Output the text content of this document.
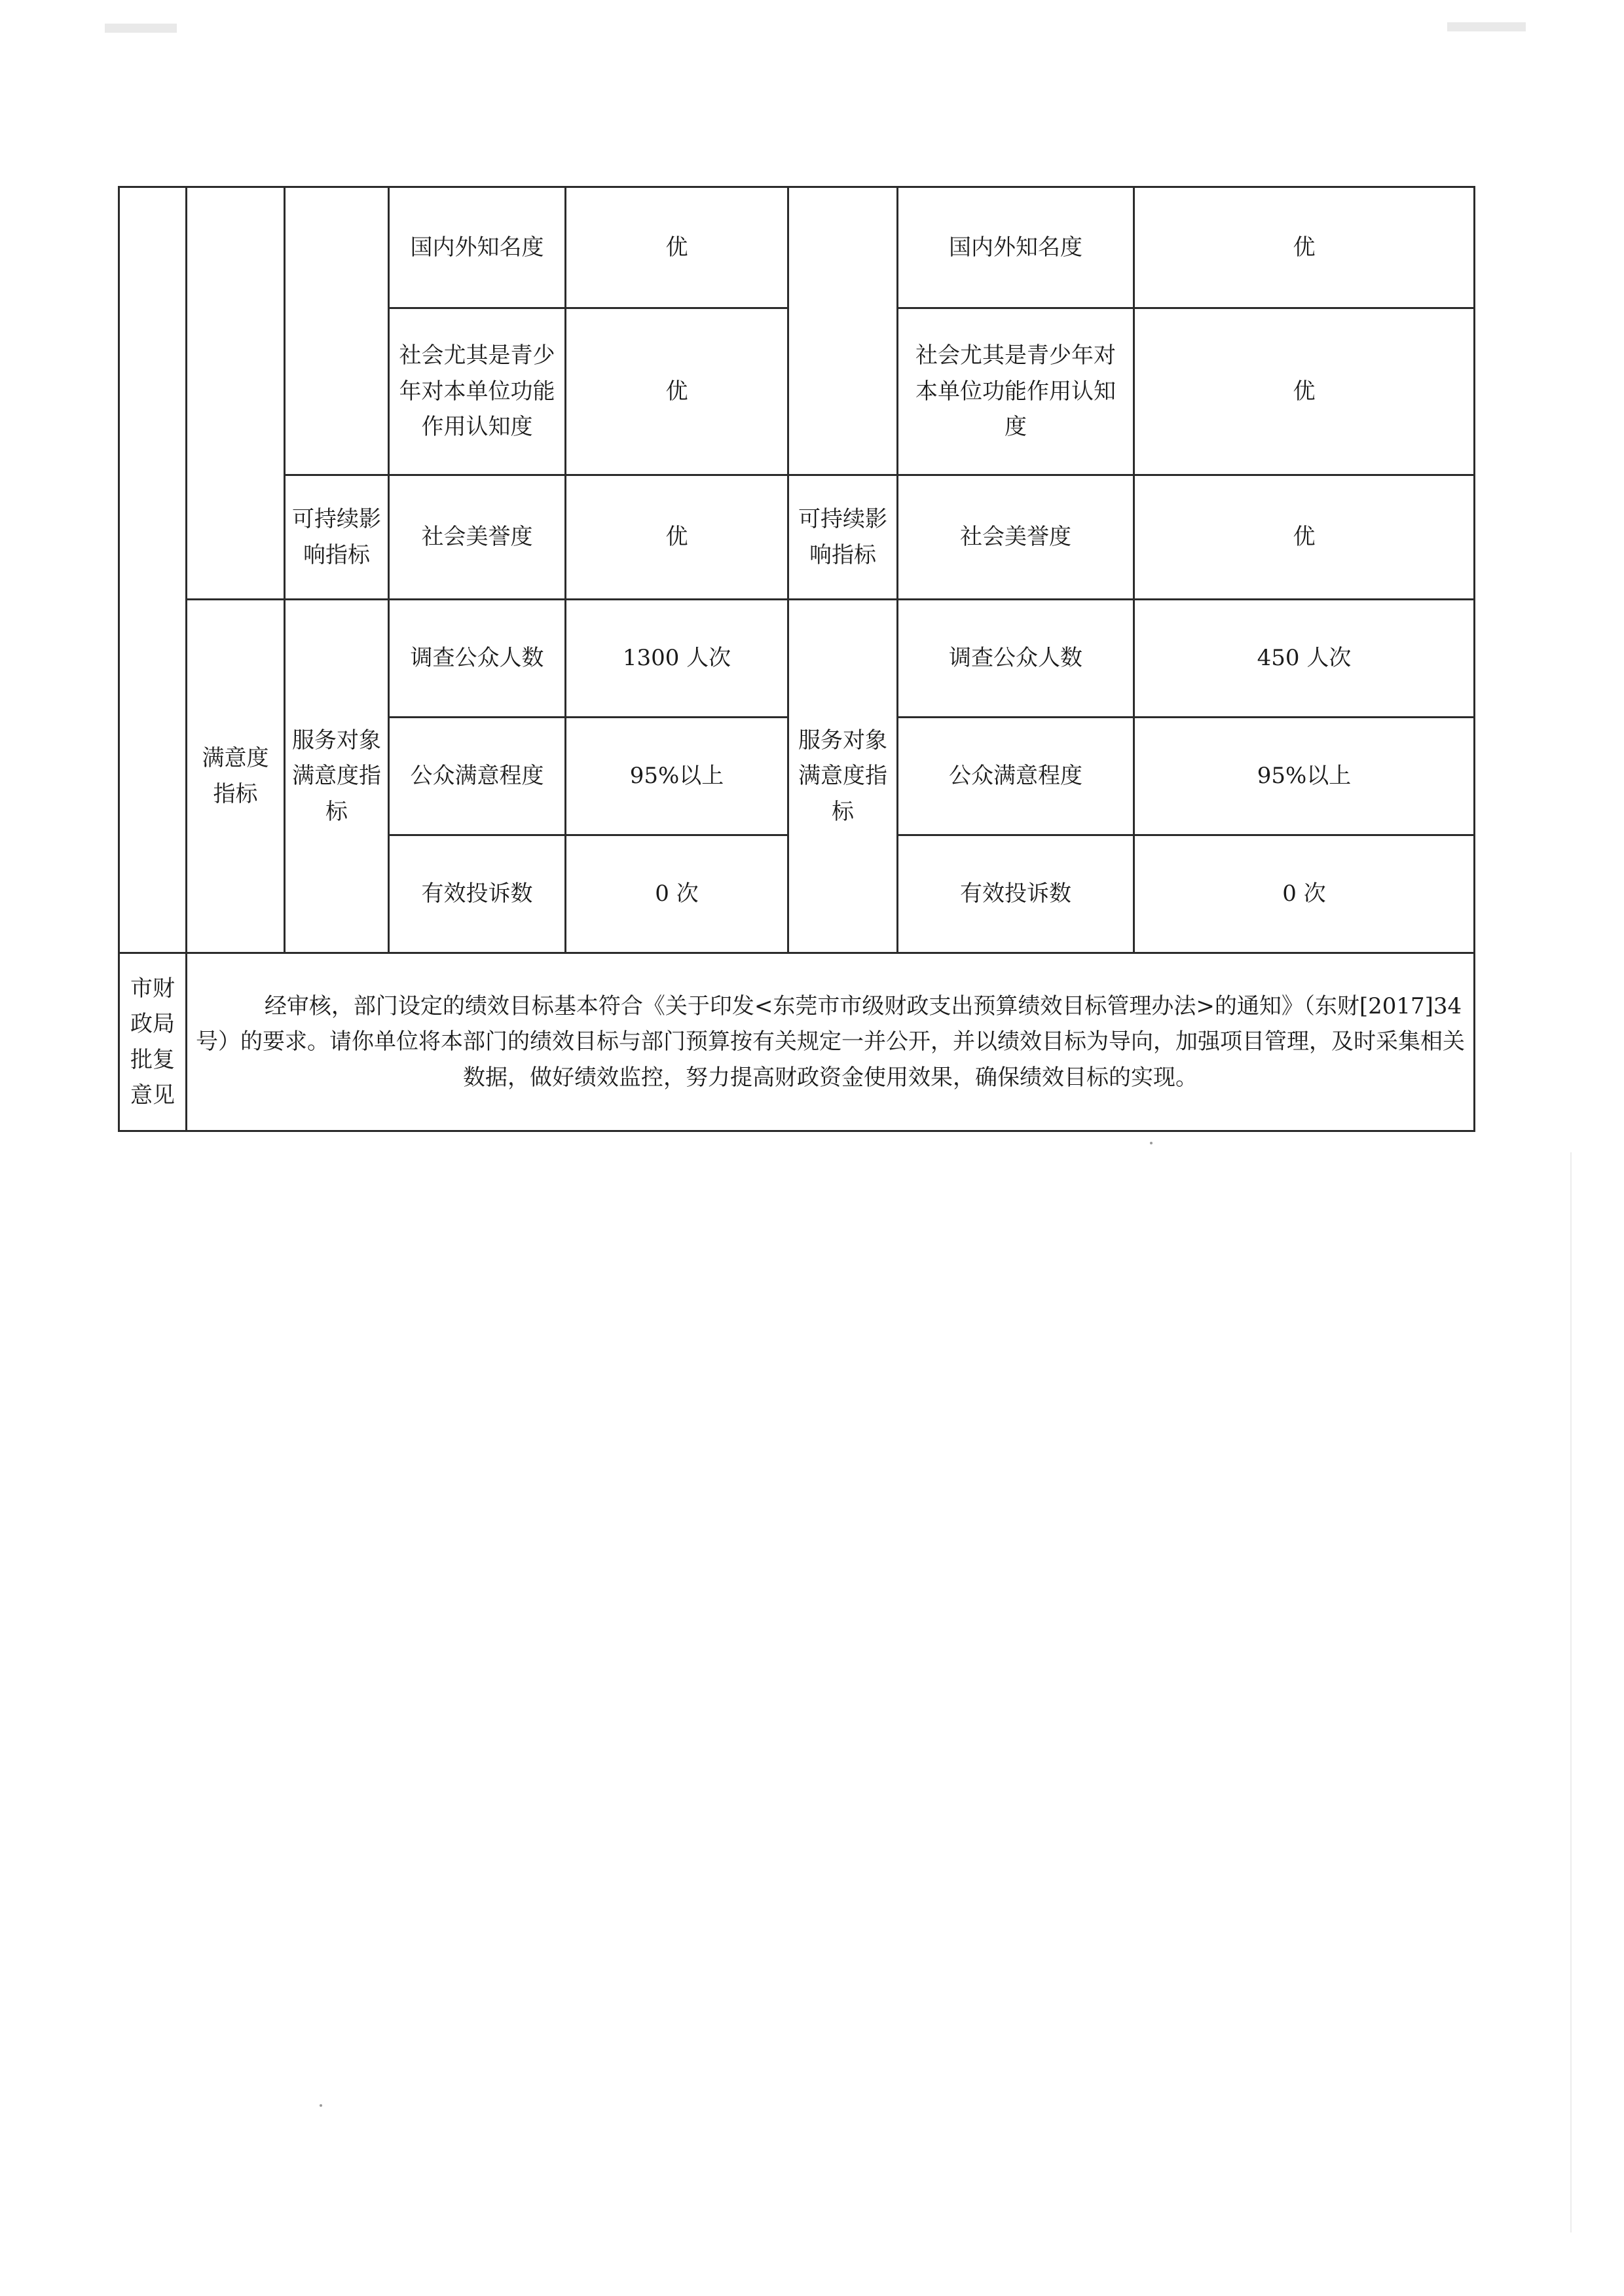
			国内外知名度	优		国内外知名度	优
			社会尤其是青少年对本单位功能作用认知度	优		社会尤其是青少年对本单位功能作用认知度	优
		可持续影响指标	社会美誉度	优	可持续影响指标	社会美誉度	优
	满意度指标	服务对象满意度指标	调查公众人数	1300 人次	服务对象满意度指标	调查公众人数	450 人次
			公众满意程度	95%以上		公众满意程度	95%以上
			有效投诉数	0 次		有效投诉数	0 次
市财政局批复意见	经审核，部门设定的绩效目标基本符合《关于印发<东莞市市级财政支出预算绩效目标管理办法>的通知》（东财[2017]34 号）的要求。请你单位将本部门的绩效目标与部门预算按有关规定一并公开，并以绩效目标为导向，加强项目管理，及时采集相关数据，做好绩效监控，努力提高财政资金使用效果，确保绩效目标的实现。						
